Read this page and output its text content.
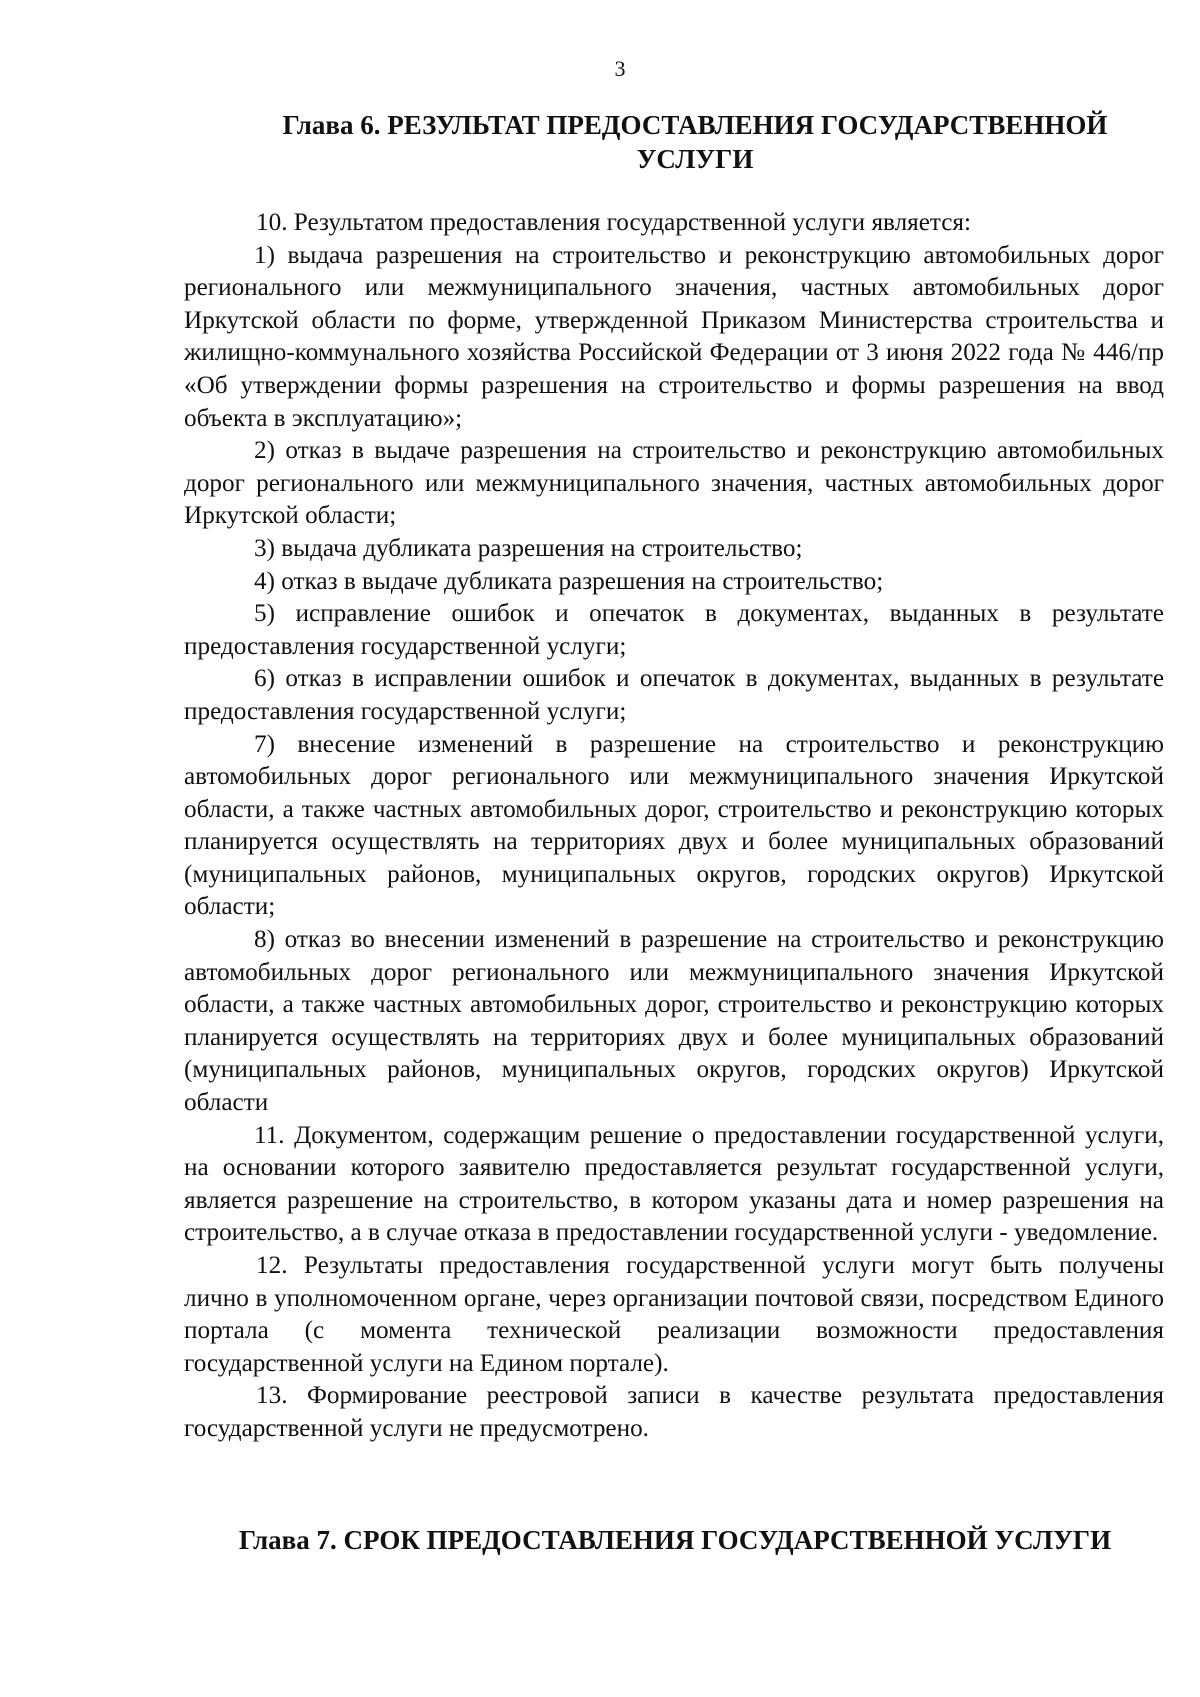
3
Глава 6. РЕЗУЛЬТАТ ПРЕДОСТАВЛЕНИЯ ГОСУДАРСТВЕННОЙ
УСЛУГИ

10. Результатом предоставления государственной услуги является:

1) выдача разрешения на строительство и реконструкцию автомобильных дорог регионального или межмуниципального значения, частных автомобильных дорог Иркутской области по форме, утвержденной Приказом Министерства строительства и жилищно-коммунального хозяйства Российской Федерации от 3 июня 2022 года № 446/пр «Об утверждении формы разрешения на строительство и формы разрешения на ввод объекта в эксплуатацию»;

2) отказ в выдаче разрешения на строительство и реконструкцию автомобильных дорог регионального или межмуниципального значения, частных автомобильных дорог Иркутской области;

3) выдача дубликата разрешения на строительство;

4) отказ в выдаче дубликата разрешения на строительство;

5) исправление ошибок и опечаток в документах, выданных в результате предоставления государственной услуги;

6) отказ в исправлении ошибок и опечаток в документах, выданных в результате предоставления государственной услуги;

7) внесение изменений в разрешение на строительство и реконструкцию автомобильных дорог регионального или межмуниципального значения Иркутской области, а также частных автомобильных дорог, строительство и реконструкцию которых планируется осуществлять на территориях двух и более муниципальных образований (муниципальных районов, муниципальных округов, городских округов) Иркутской области;

8) отказ во внесении изменений в разрешение на строительство и реконструкцию автомобильных дорог регионального или межмуниципального значения Иркутской области, а также частных автомобильных дорог, строительство и реконструкцию которых планируется осуществлять на территориях двух и более муниципальных образований (муниципальных районов, муниципальных округов, городских округов) Иркутской области

11. Документом, содержащим решение о предоставлении государственной услуги, на основании которого заявителю предоставляется результат государственной услуги, является разрешение на строительство, в котором указаны дата и номер разрешения на строительство, а в случае отказа в предоставлении государственной услуги - уведомление.

12. Результаты предоставления государственной услуги могут быть получены лично в уполномоченном органе, через организации почтовой связи, посредством Единого портала (с момента технической реализации возможности предоставления государственной услуги на Едином портале).

13. Формирование реестровой записи в качестве результата предоставления государственной услуги не предусмотрено.

Глава 7. СРОК ПРЕДОСТАВЛЕНИЯ ГОСУДАРСТВЕННОЙ УСЛУГИ
